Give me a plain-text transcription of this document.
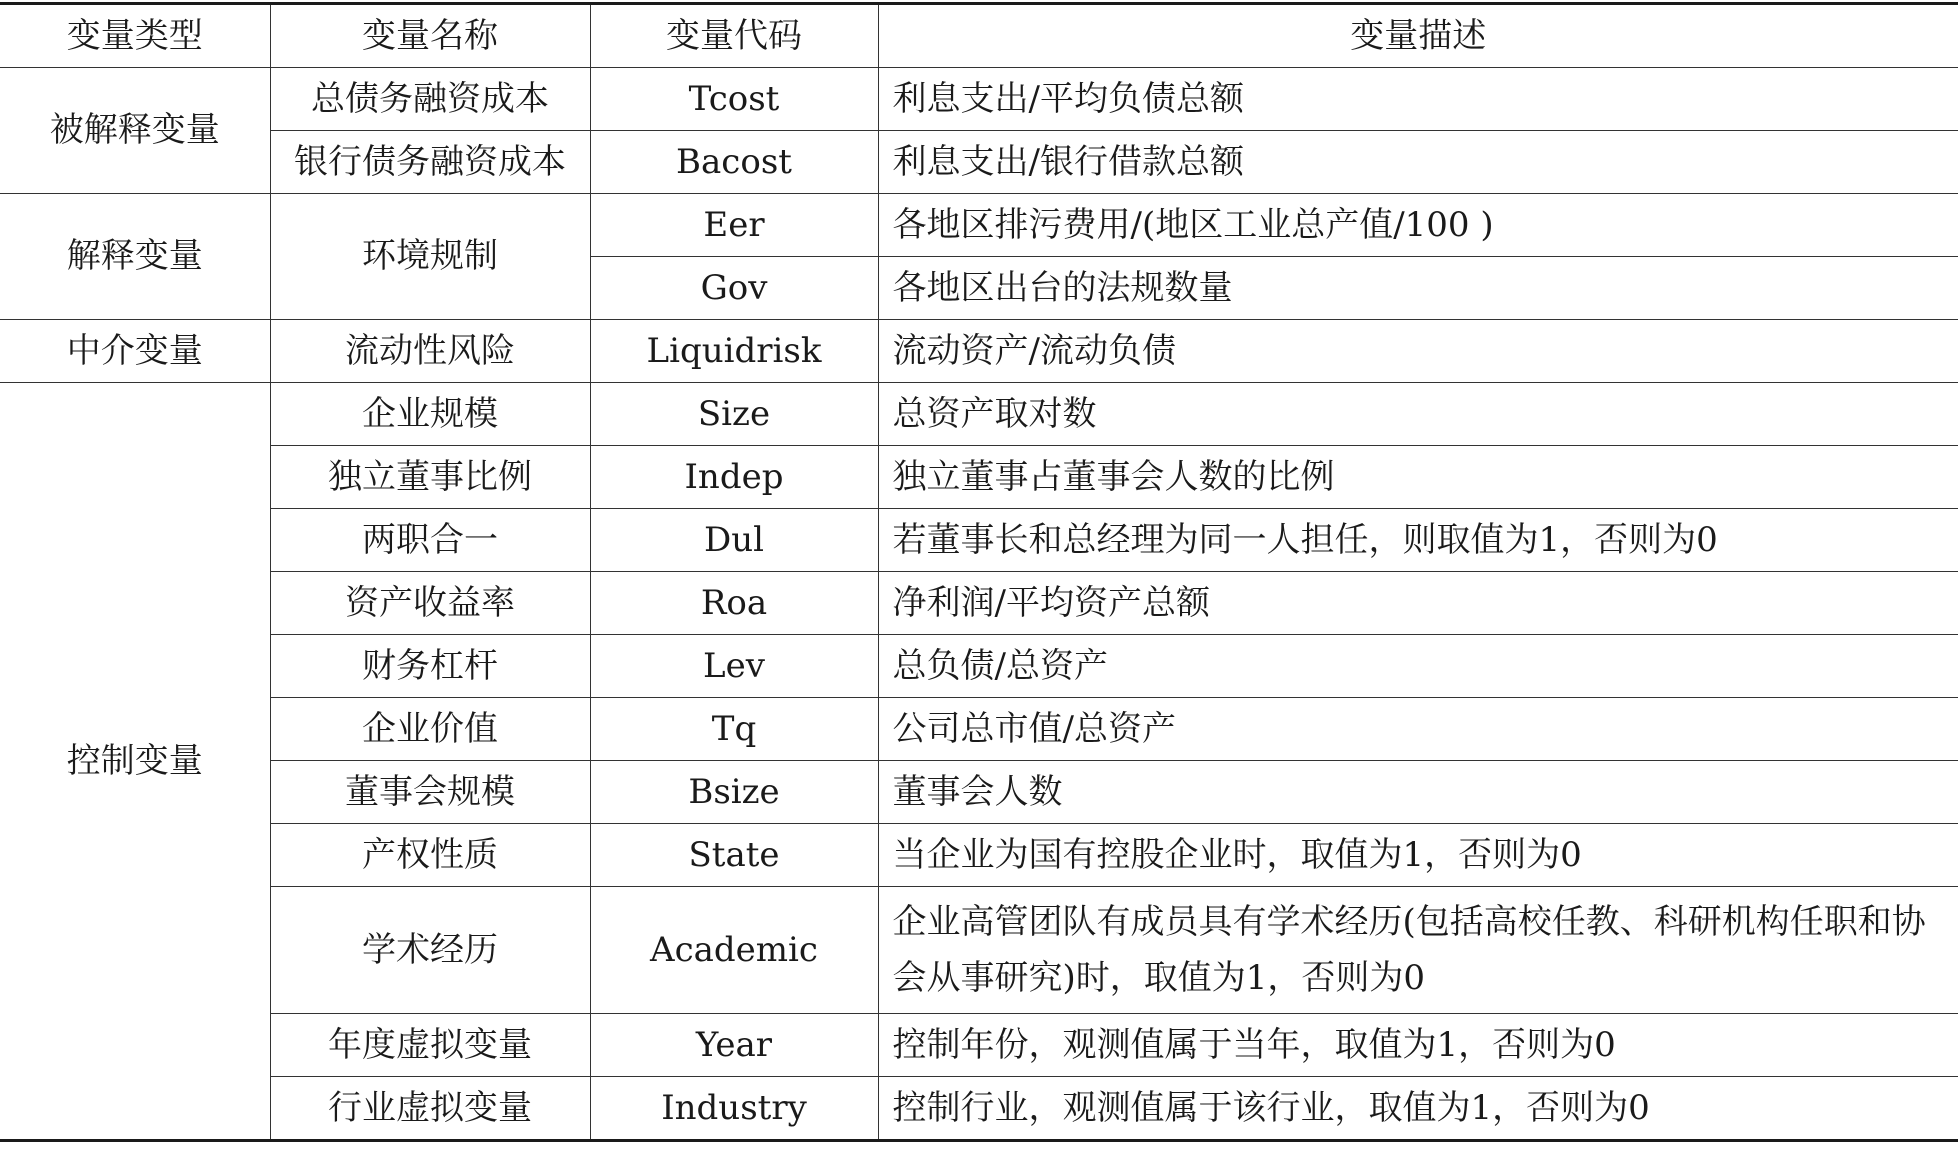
变量类型	变量名称	变量代码	变量描述
被解释变量	总债务融资成本	Tcost	利息支出/平均负债总额
	银行债务融资成本	Bacost	利息支出/银行借款总额
解释变量	环境规制	Eer	各地区排污费用/(地区工业总产值/100 )
		Gov	各地区出台的法规数量
中介变量	流动性风险	Liquidrisk	流动资产/流动负债
控制变量	企业规模	Size	总资产取对数
	独立董事比例	Indep	独立董事占董事会人数的比例
	两职合一	Dul	若董事长和总经理为同一人担任，则取值为1，否则为0
	资产收益率	Roa	净利润/平均资产总额
	财务杠杆	Lev	总负债/总资产
	企业价值	Tq	公司总市值/总资产
	董事会规模	Bsize	董事会人数
	产权性质	State	当企业为国有控股企业时，取值为1，否则为0
	学术经历	Academic	企业高管团队有成员具有学术经历(包括高校任教、科研机构任职和协会从事研究)时，取值为1，否则为0
	年度虚拟变量	Year	控制年份，观测值属于当年，取值为1，否则为0
	行业虚拟变量	Industry	控制行业，观测值属于该行业，取值为1，否则为0
